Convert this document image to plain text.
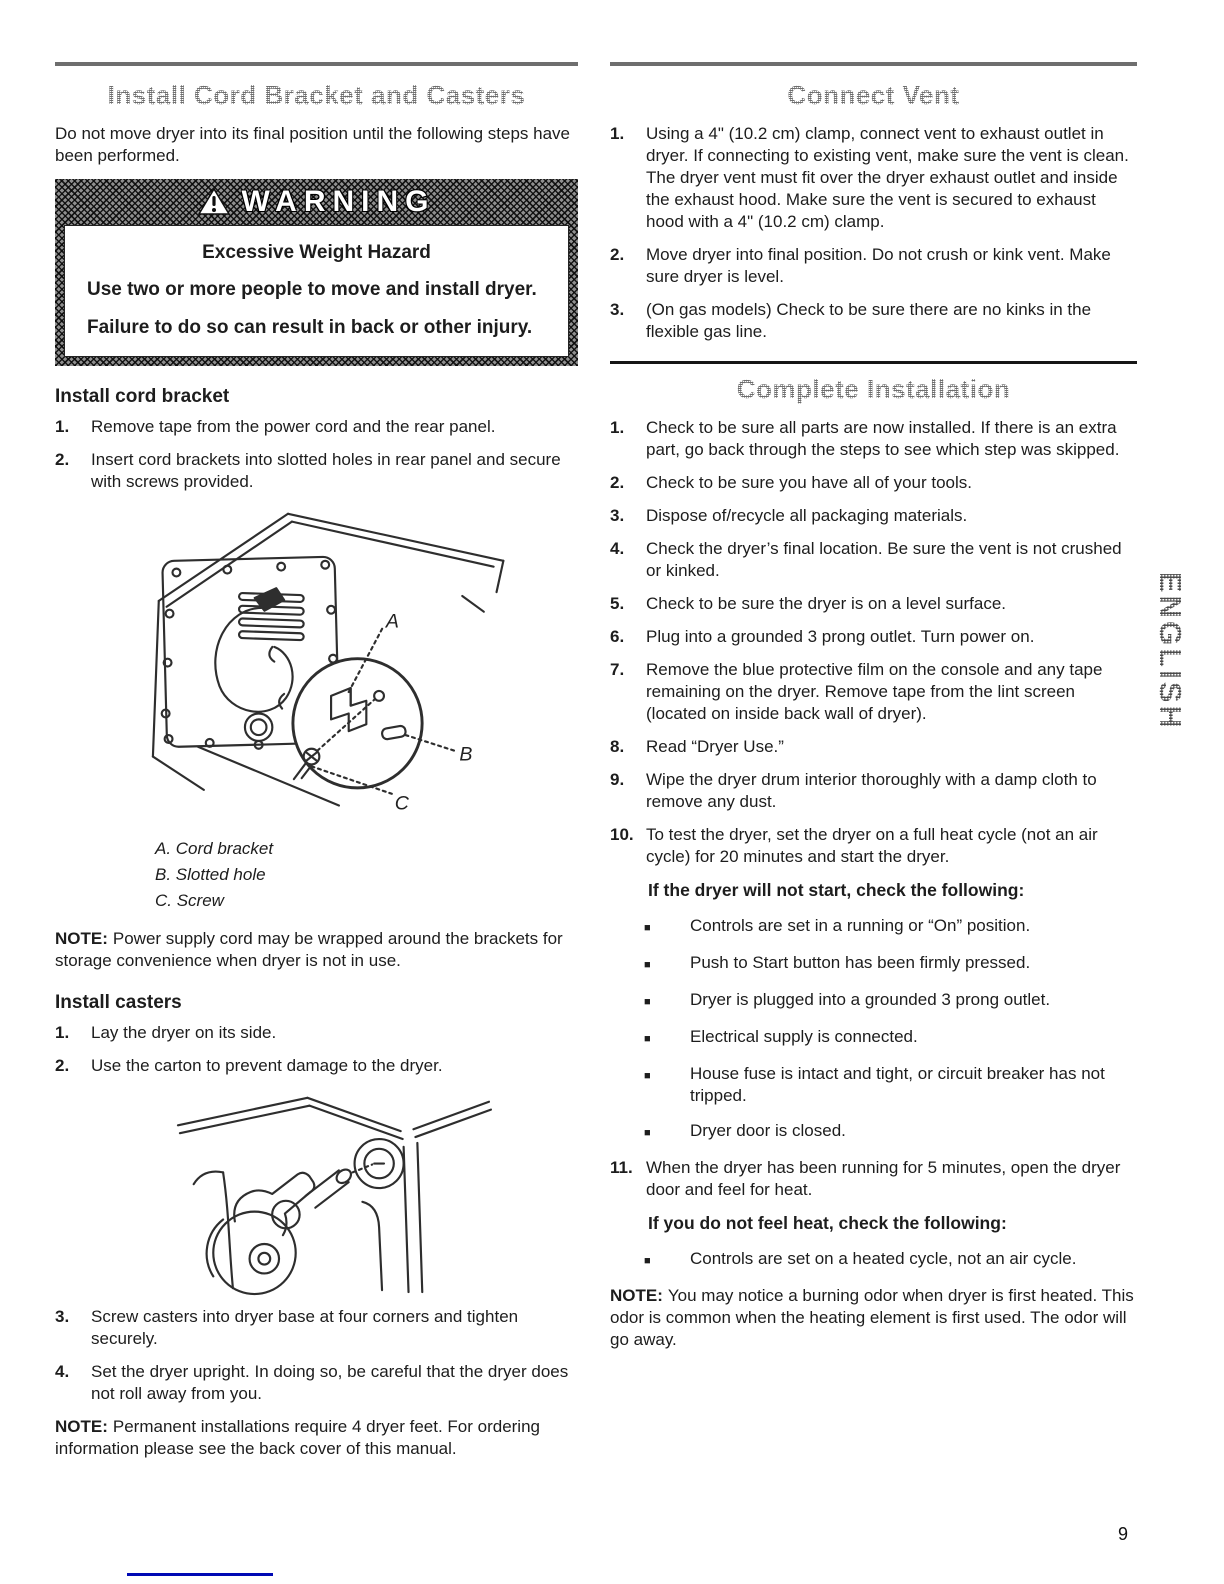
Install Cord Bracket and Casters

Do not move dryer into its final position until the following steps have been performed.

WARNING

Excessive Weight Hazard

Use two or more people to move and install dryer.

Failure to do so can result in back or other injury.

Install cord bracket
1.	Remove tape from the power cord and the rear panel.
2.	Insert cord brackets into slotted holes in rear panel and secure with screws provided.
A
B
C
A. Cord bracket
B. Slotted hole
C. Screw

NOTE: Power supply cord may be wrapped around the brackets for storage convenience when dryer is not in use.

Install casters
1.	Lay the dryer on its side.
2.	Use the carton to prevent damage to the dryer.
3.	Screw casters into dryer base at four corners and tighten securely.
4.	Set the dryer upright. In doing so, be careful that the dryer does not roll away from you.

NOTE: Permanent installations require 4 dryer feet. For ordering information please see the back cover of this manual.

Connect Vent
1.	Using a 4" (10.2 cm) clamp, connect vent to exhaust outlet in dryer. If connecting to existing vent, make sure the vent is clean. The dryer vent must fit over the dryer exhaust outlet and inside the exhaust hood. Make sure the vent is secured to exhaust hood with a 4" (10.2 cm) clamp.
2.	Move dryer into final position. Do not crush or kink vent. Make sure dryer is level.
3.	(On gas models) Check to be sure there are no kinks in the flexible gas line.
Complete Installation
1.	Check to be sure all parts are now installed. If there is an extra part, go back through the steps to see which step was skipped.
2.	Check to be sure you have all of your tools.
3.	Dispose of/recycle all packaging materials.
4.	Check the dryer’s final location. Be sure the vent is not crushed or kinked.
5.	Check to be sure the dryer is on a level surface.
6.	Plug into a grounded 3 prong outlet. Turn power on.
7.	Remove the blue protective film on the console and any tape remaining on the dryer. Remove tape from the lint screen (located on inside back wall of dryer).
8.	Read “Dryer Use.”
9.	Wipe the dryer drum interior thoroughly with a damp cloth to remove any dust.
10. To test the dryer, set the dryer on a full heat cycle (not an air cycle) for 20 minutes and start the dryer.
If the dryer will not start, check the following:
■	Controls are set in a running or “On” position.
■	Push to Start button has been firmly pressed.
■	Dryer is plugged into a grounded 3 prong outlet.
■	Electrical supply is connected.
■	House fuse is intact and tight, or circuit breaker has not tripped.
■	Dryer door is closed.
11. When the dryer has been running for 5 minutes, open the dryer door and feel for heat.
If you do not feel heat, check the following:
■	Controls are set on a heated cycle, not an air cycle.

NOTE: You may notice a burning odor when dryer is first heated. This odor is common when the heating element is first used. The odor will go away.

ENGLISH
9
